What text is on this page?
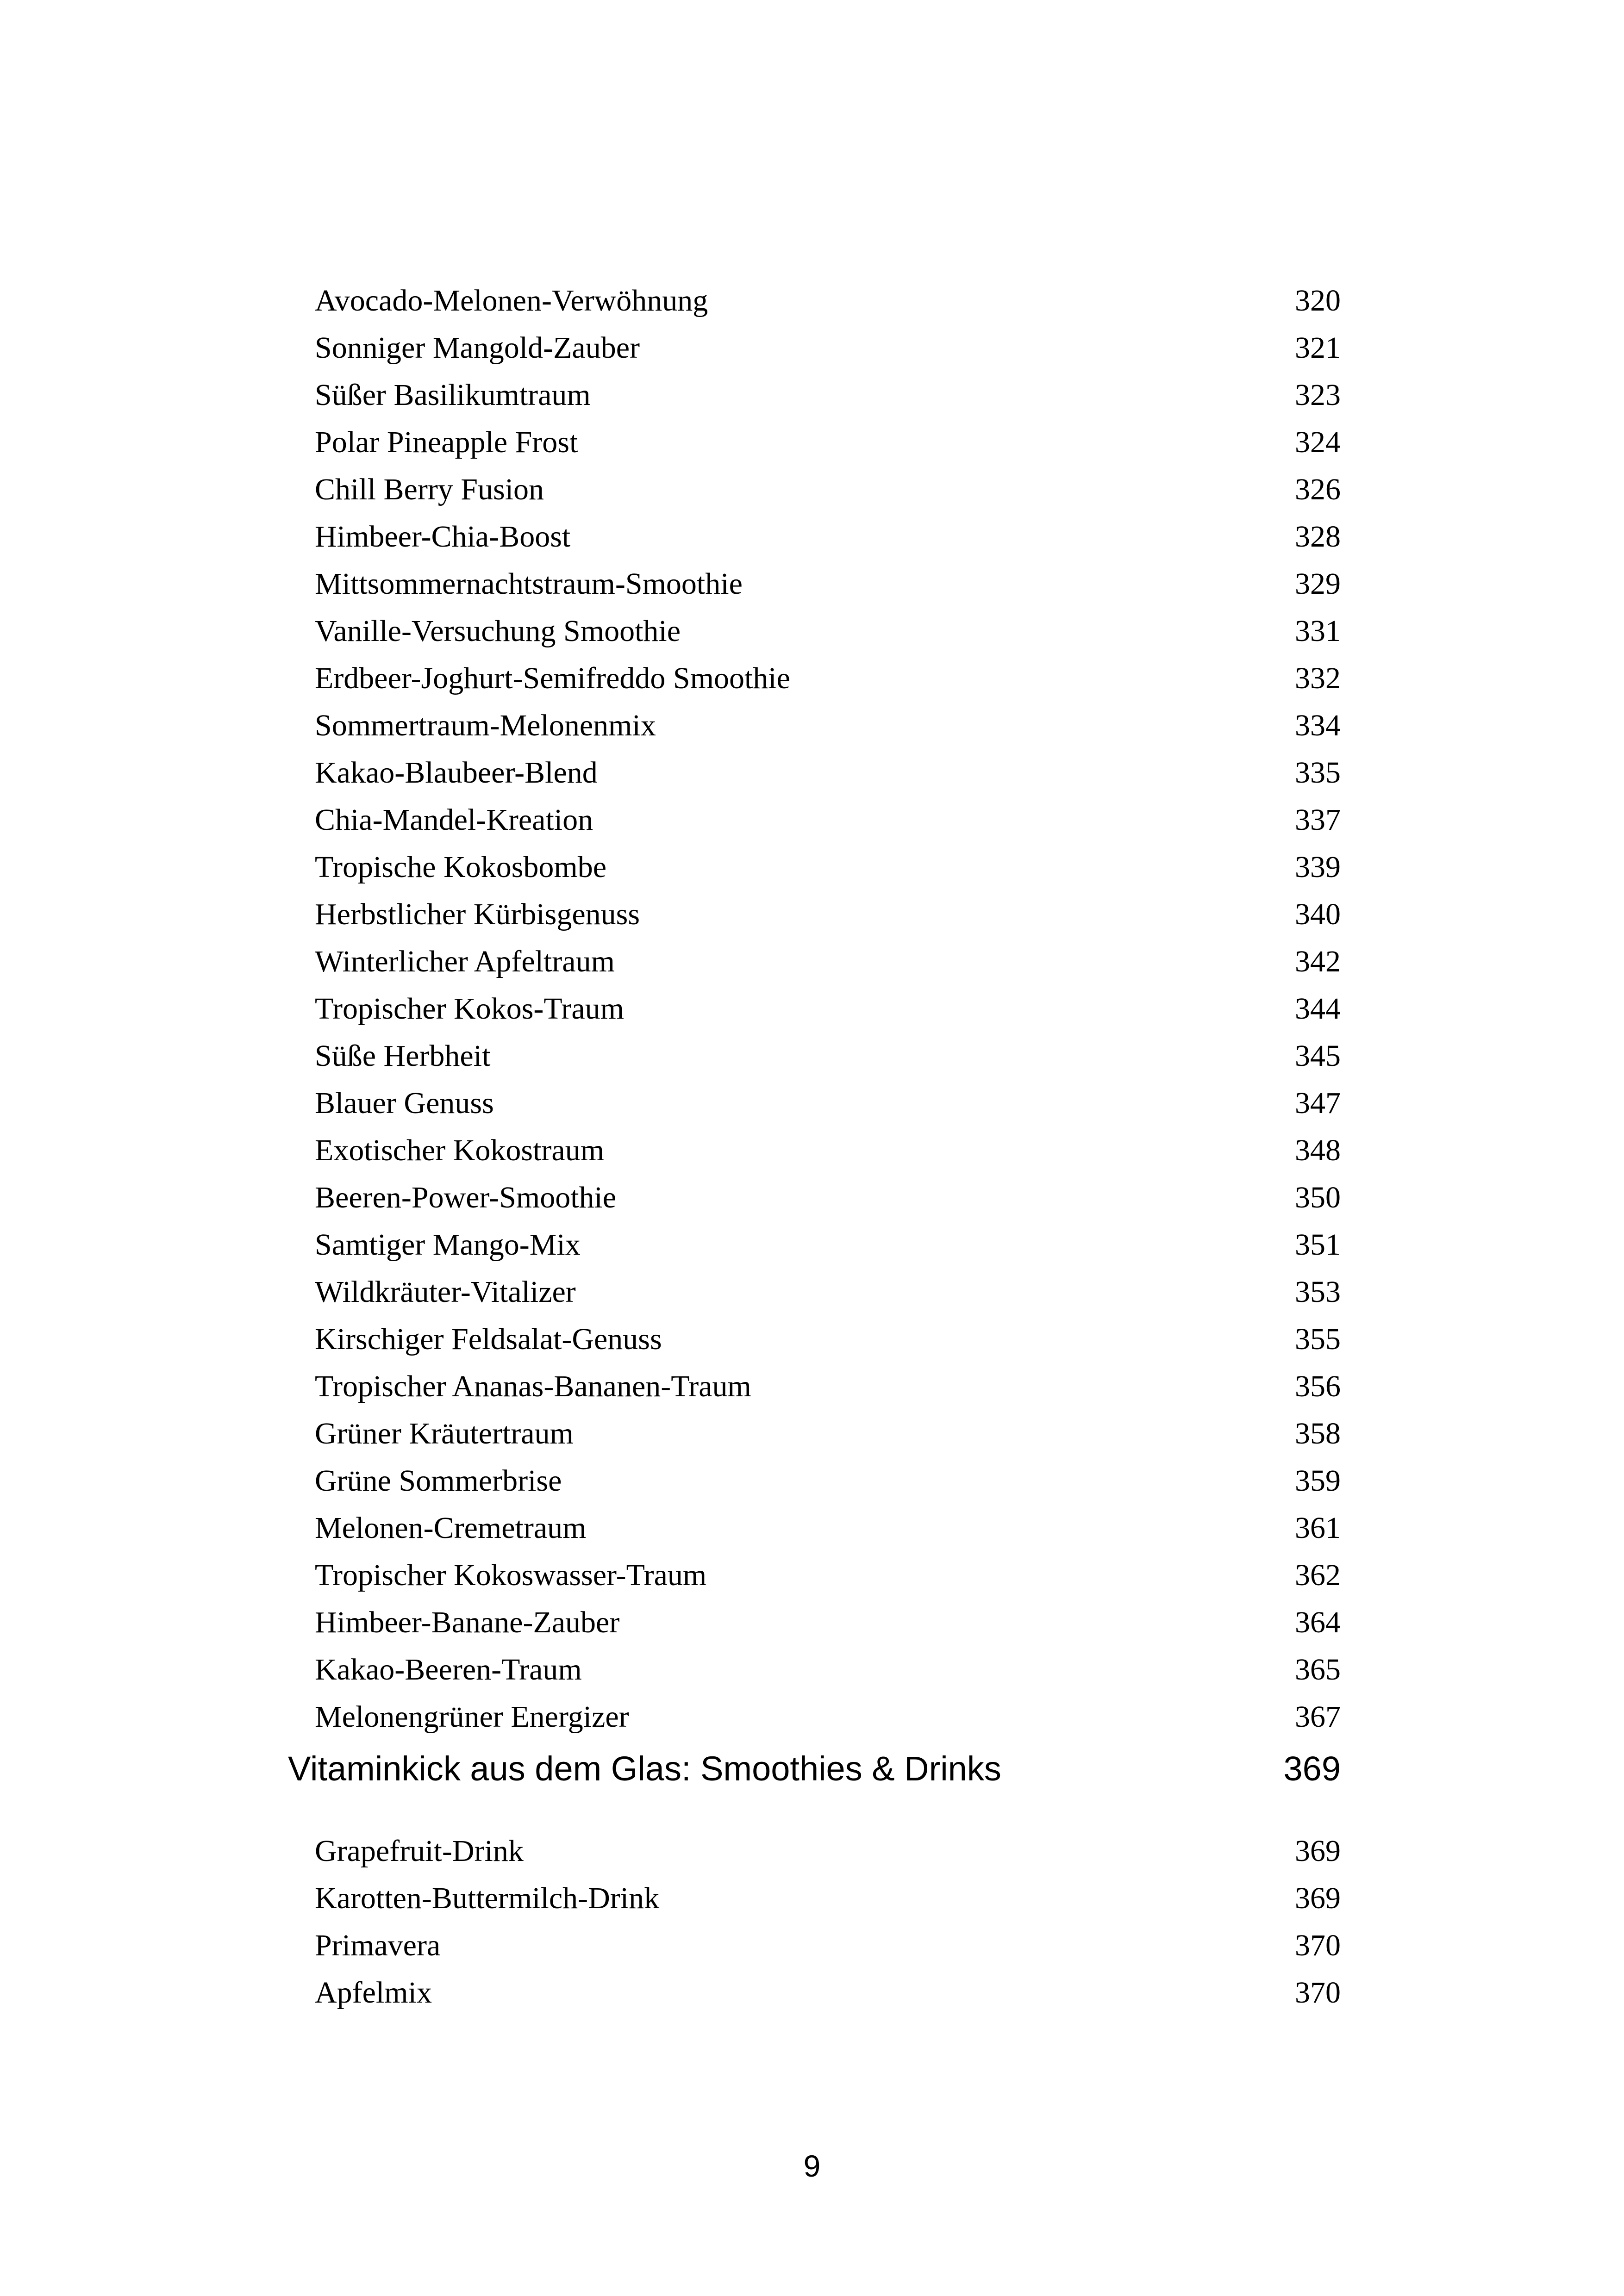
Avocado-Melonen-Verwöhnung	320
Sonniger Mangold-Zauber	321
Süßer Basilikumtraum	323
Polar Pineapple Frost	324
Chill Berry Fusion	326
Himbeer-Chia-Boost	328
Mittsommernachtstraum-Smoothie	329
Vanille-Versuchung Smoothie	331
Erdbeer-Joghurt-Semifreddo Smoothie	332
Sommertraum-Melonenmix	334
Kakao-Blaubeer-Blend	335
Chia-Mandel-Kreation	337
Tropische Kokosbombe	339
Herbstlicher Kürbisgenuss	340
Winterlicher Apfeltraum	342
Tropischer Kokos-Traum	344
Süße Herbheit	345
Blauer Genuss	347
Exotischer Kokostraum	348
Beeren-Power-Smoothie	350
Samtiger Mango-Mix	351
Wildkräuter-Vitalizer	353
Kirschiger Feldsalat-Genuss	355
Tropischer Ananas-Bananen-Traum	356
Grüner Kräutertraum	358
Grüne Sommerbrise	359
Melonen-Cremetraum	361
Tropischer Kokoswasser-Traum	362
Himbeer-Banane-Zauber	364
Kakao-Beeren-Traum	365
Melonengrüner Energizer	367
Vitaminkick aus dem Glas: Smoothies & Drinks	369
Grapefruit-Drink	369
Karotten-Buttermilch-Drink	369
Primavera	370
Apfelmix	370
9
